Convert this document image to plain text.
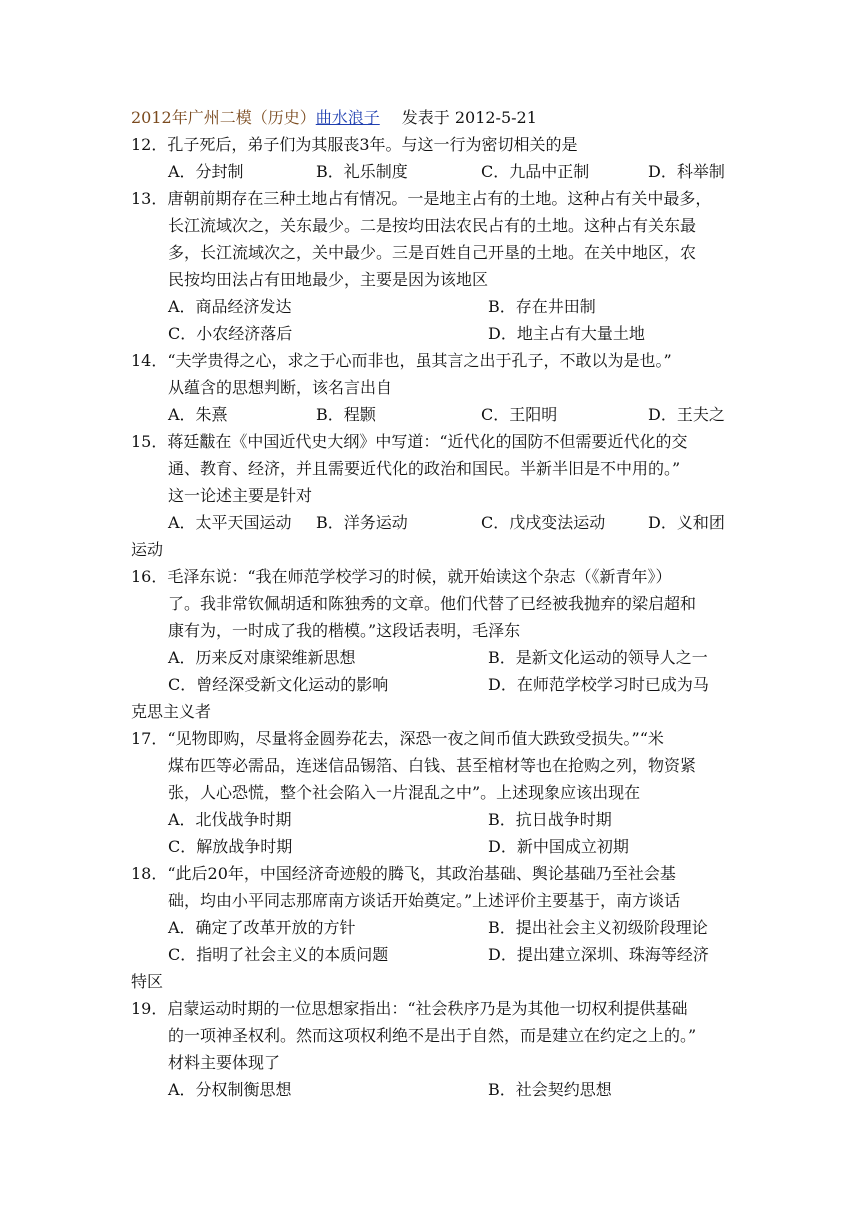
2012年广州二模（历史）曲水浪子 发表于 2012-5-21
12．孔子死后，弟子们为其服丧3年。与这一行为密切相关的是
A．分封制	B．礼乐制度	C．九品中正制	D．科举制
13．唐朝前期存在三种土地占有情况。一是地主占有的土地。这种占有关中最多，
长江流域次之，关东最少。二是按均田法农民占有的土地。这种占有关东最
多，长江流域次之，关中最少。三是百姓自己开垦的土地。在关中地区，农
民按均田法占有田地最少，主要是因为该地区
A．商品经济发达	B．存在井田制
C．小农经济落后	D．地主占有大量土地
14．“夫学贵得之心，求之于心而非也，虽其言之出于孔子，不敢以为是也。”
从蕴含的思想判断，该名言出自
A．朱熹	B．程颢	C．王阳明	D．王夫之
15．蒋廷黻在《中国近代史大纲》中写道：“近代化的国防不但需要近代化的交
通、教育、经济，并且需要近代化的政治和国民。半新半旧是不中用的。”
这一论述主要是针对
A．太平天国运动 B．洋务运动	C．戊戌变法运动	D．义和团
运动
16．毛泽东说：“我在师范学校学习的时候，就开始读这个杂志（《新青年》）
了。我非常钦佩胡适和陈独秀的文章。他们代替了已经被我抛弃的梁启超和
康有为，一时成了我的楷模。”这段话表明，毛泽东
A．历来反对康梁维新思想	B．是新文化运动的领导人之一
C．曾经深受新文化运动的影响	D．在师范学校学习时已成为马
克思主义者
17．“见物即购，尽量将金圆券花去，深恐一夜之间币值大跌致受损失。”“米
煤布匹等必需品，连迷信品锡箔、白钱、甚至棺材等也在抢购之列，物资紧
张，人心恐慌，整个社会陷入一片混乱之中”。上述现象应该出现在
A．北伐战争时期	B．抗日战争时期
C．解放战争时期	D．新中国成立初期
18．“此后20年，中国经济奇迹般的腾飞，其政治基础、舆论基础乃至社会基
础，均由小平同志那席南方谈话开始奠定。”上述评价主要基于，南方谈话
A．确定了改革开放的方针	B．提出社会主义初级阶段理论
C．指明了社会主义的本质问题	D．提出建立深圳、珠海等经济
特区
19．启蒙运动时期的一位思想家指出：“社会秩序乃是为其他一切权利提供基础
的一项神圣权利。然而这项权利绝不是出于自然，而是建立在约定之上的。”
材料主要体现了
A．分权制衡思想	B．社会契约思想
